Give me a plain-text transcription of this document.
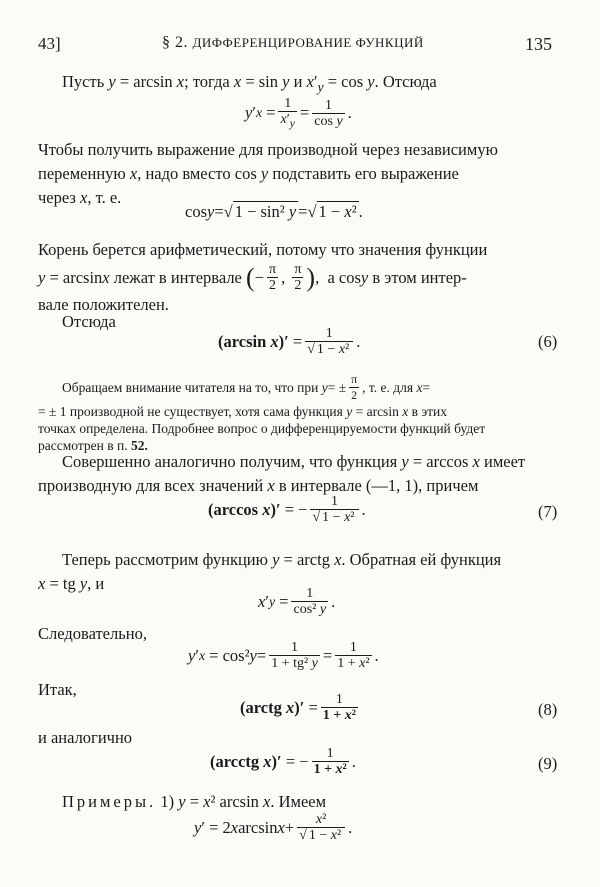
43]	§ 2. ДИФФЕРЕНЦИРОВАНИЕ ФУНКЦИЙ	135
Пусть y = arcsin x; тогда x = sin y и $x'_y = \cos y$. Отсюда
y ′ $x = \frac{1}{x'_y} = \frac{1}{\text{cos y}}$ .
Чтобы получить выражение для производной через независимую
переменную x, надо вместо cos y подставить его выражение
через x, т. е.
cos y = √ 1 − sin² y = √ 1 − x² .
Корень берется арифметический, потому что значения функции
y = arcsin x
лежат в интервале
( − $\frac{\pi}{2}$ , $\frac{\pi}{2}$ ) , а cos y
в этом интер-
вале положителен.
Отсюда
(arcsin $x)' = \frac{1}{\text{√ 1 − x²}}$ .	(6)
Обращаем внимание читателя на то, что при
y = ± $\frac{\pi}{2}$ , т. е. для
x =
= ± 1 производной не существует, хотя сама функция y = arcsin x в этих
точках определена. Подробнее вопрос о дифференцируемости функций будет
рассмотрен в п. 52.
Совершенно аналогично получим, что функция y = arccos x имеет
производную для всех значений x в интервале (—1, 1), причем
(arccos x)′ = − $\frac{1}{\text{√ 1 − x²}}$ .	(7)
Теперь рассмотрим функцию y = arctg x. Обратная ей функция
x = tg y, и
x ′ $y = \frac{1}{\text{cos² y}}$ .
Следовательно,
y ′ x = cos² $y = \frac{1}{\text{1 + tg² y}} = \frac{1}{\text{1 + x²}}$ .
Итак,
(arctg $x)' = \frac{1}{\text{1 + x²}}$	(8)
и аналогично
(arcctg x)′ = − $\frac{1}{\text{1 + x²}}$ .	(9)
Примеры. 1) y = x² arcsin x. Имеем
y ′ = 2 x $\arcsin x + \frac{\text{x²}}{\text{√ 1 − x²}}$ .
